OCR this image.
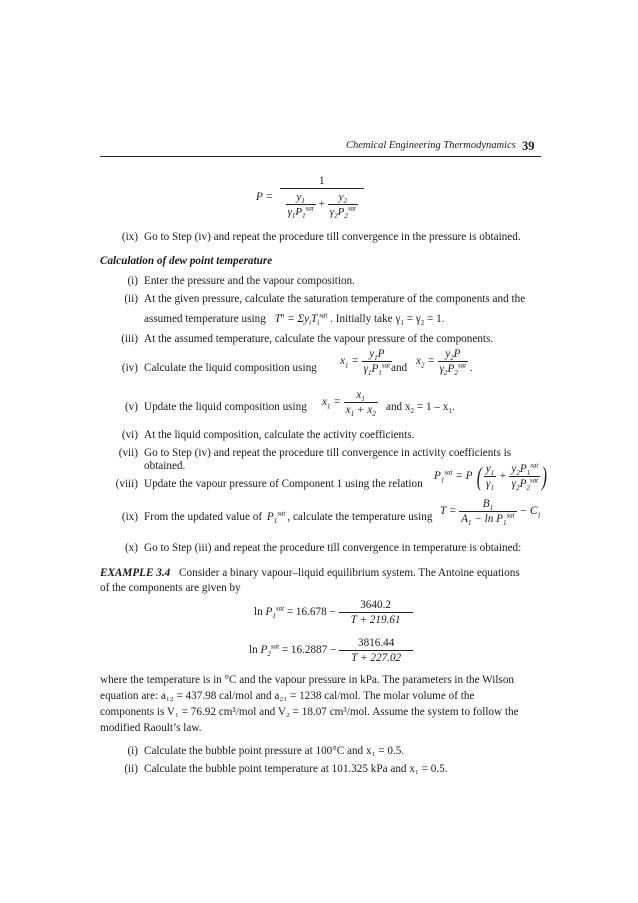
Chemical Engineering Thermodynamics 39
P =
1
$y_1$
$\gamma_1P_1^{sat}$ +
$y_2$
$\gamma_2P_2^{sat}$
(ix) Go to Step (iv) and repeat the procedure till convergence in the pressure is obtained.
Calculation of dew point temperature
(i) Enter the pressure and the vapour composition.
(ii) At the given pressure, calculate the saturation temperature of the components and the
assumed temperature using $T^n = \Sigma y_iT_i^{sat}$ . Initially take $\gamma_1 = \gamma_2 = 1$.
(iii) At the assumed temperature, calculate the vapour pressure of the components.
(iv) Calculate the liquid composition using
$x_1$ =
$y_1P$
$\gamma_1P_1^{sat}$ and
$x_2$ =
$y_2P$
$\gamma_2P_2^{sat}$ .
(v) Update the liquid composition using $x_1 = \frac{x_1}{x_1 + x_2}$ and $x_2 = 1 - x_1$.
(vi) At the liquid composition, calculate the activity coefficients.
(vii) Go to Step (iv) and repeat the procedure till convergence in activity coefficients is
obtained.
(viii) Update the vapour pressure of Component 1 using the relation
$P_1^{sat} = P$ ( $\frac{y_1}{\gamma_1}$ +
$y_2P_1^{sat}$
$\gamma_2P_2^{sat}$ )
(ix) From the updated value of $P_1^{sat}$ , calculate the temperature using T =
$B_1$
$A_1 - \ln P_1^{sat} - C_1$
(x) Go to Step (iii) and repeat the procedure till convergence in temperature is obtained:
EXAMPLE 3.4 Consider a binary vapour–liquid equilibrium system. The Antoine equations
of the components are given by
$\ln P_1^{sat} = 16.678 - \frac{3640.2}{T + 219.61}$
$\ln P_2^{sat} = 16.2887 - \frac{3816.44}{T + 227.02}$
where the temperature is in °C and the vapour pressure in kPa. The parameters in the Wilson
equation are: a₁₂ = 437.98 cal/mol and a₂₁ = 1238 cal/mol. The molar volume of the
components is V₁ = 76.92 cm³/mol and V₂ = 18.07 cm³/mol. Assume the system to follow the
modified Raoult’s law.
(i) Calculate the bubble point pressure at 100°C and x₁ = 0.5.
(ii) Calculate the bubble point temperature at 101.325 kPa and x₁ = 0.5.
